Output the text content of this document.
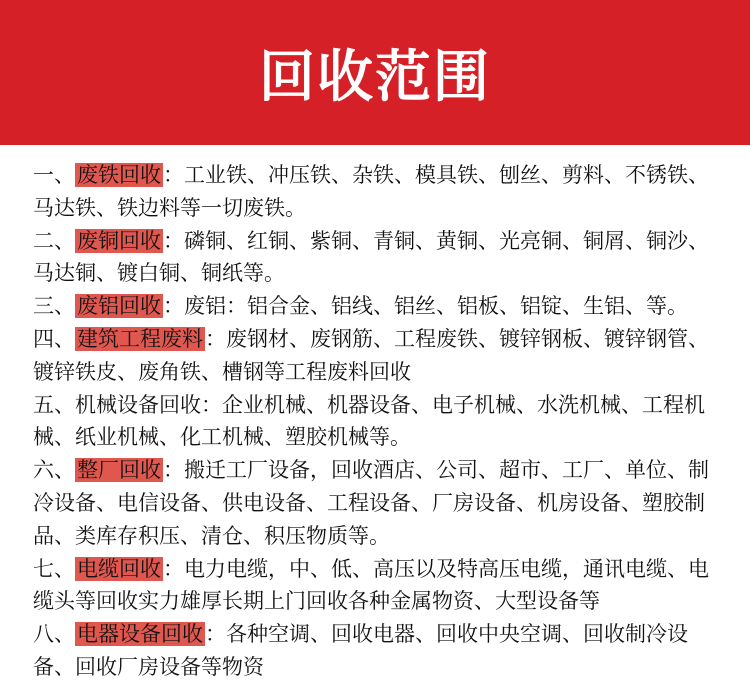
回收范围

一、废铁回收：工业铁、冲压铁、杂铁、模具铁、刨丝、剪料、不锈铁、马达铁、铁边料等一切废铁。

二、废铜回收：磷铜、红铜、紫铜、青铜、黄铜、光亮铜、铜屑、铜沙、马达铜、镀白铜、铜纸等。

三、废铝回收：废铝：铝合金、铝线、铝丝、铝板、铝锭、生铝、等。

四、建筑工程废料：废钢材、废钢筋、工程废铁、镀锌钢板、镀锌钢管、镀锌铁皮、废角铁、槽钢等工程废料回收

五、机械设备回收：企业机械、机器设备、电子机械、水洗机械、工程机械、纸业机械、化工机械、塑胶机械等。

六、整厂回收：搬迁工厂设备，回收酒店、公司、超市、工厂、单位、制冷设备、电信设备、供电设备、工程设备、厂房设备、机房设备、塑胶制品、类库存积压、清仓、积压物质等。

七、电缆回收：电力电缆，中、低、高压以及特高压电缆，通讯电缆、电缆头等回收实力雄厚长期上门回收各种金属物资、大型设备等

八、电器设备回收：各种空调、回收电器、回收中央空调、回收制冷设备、回收厂房设备等物资
